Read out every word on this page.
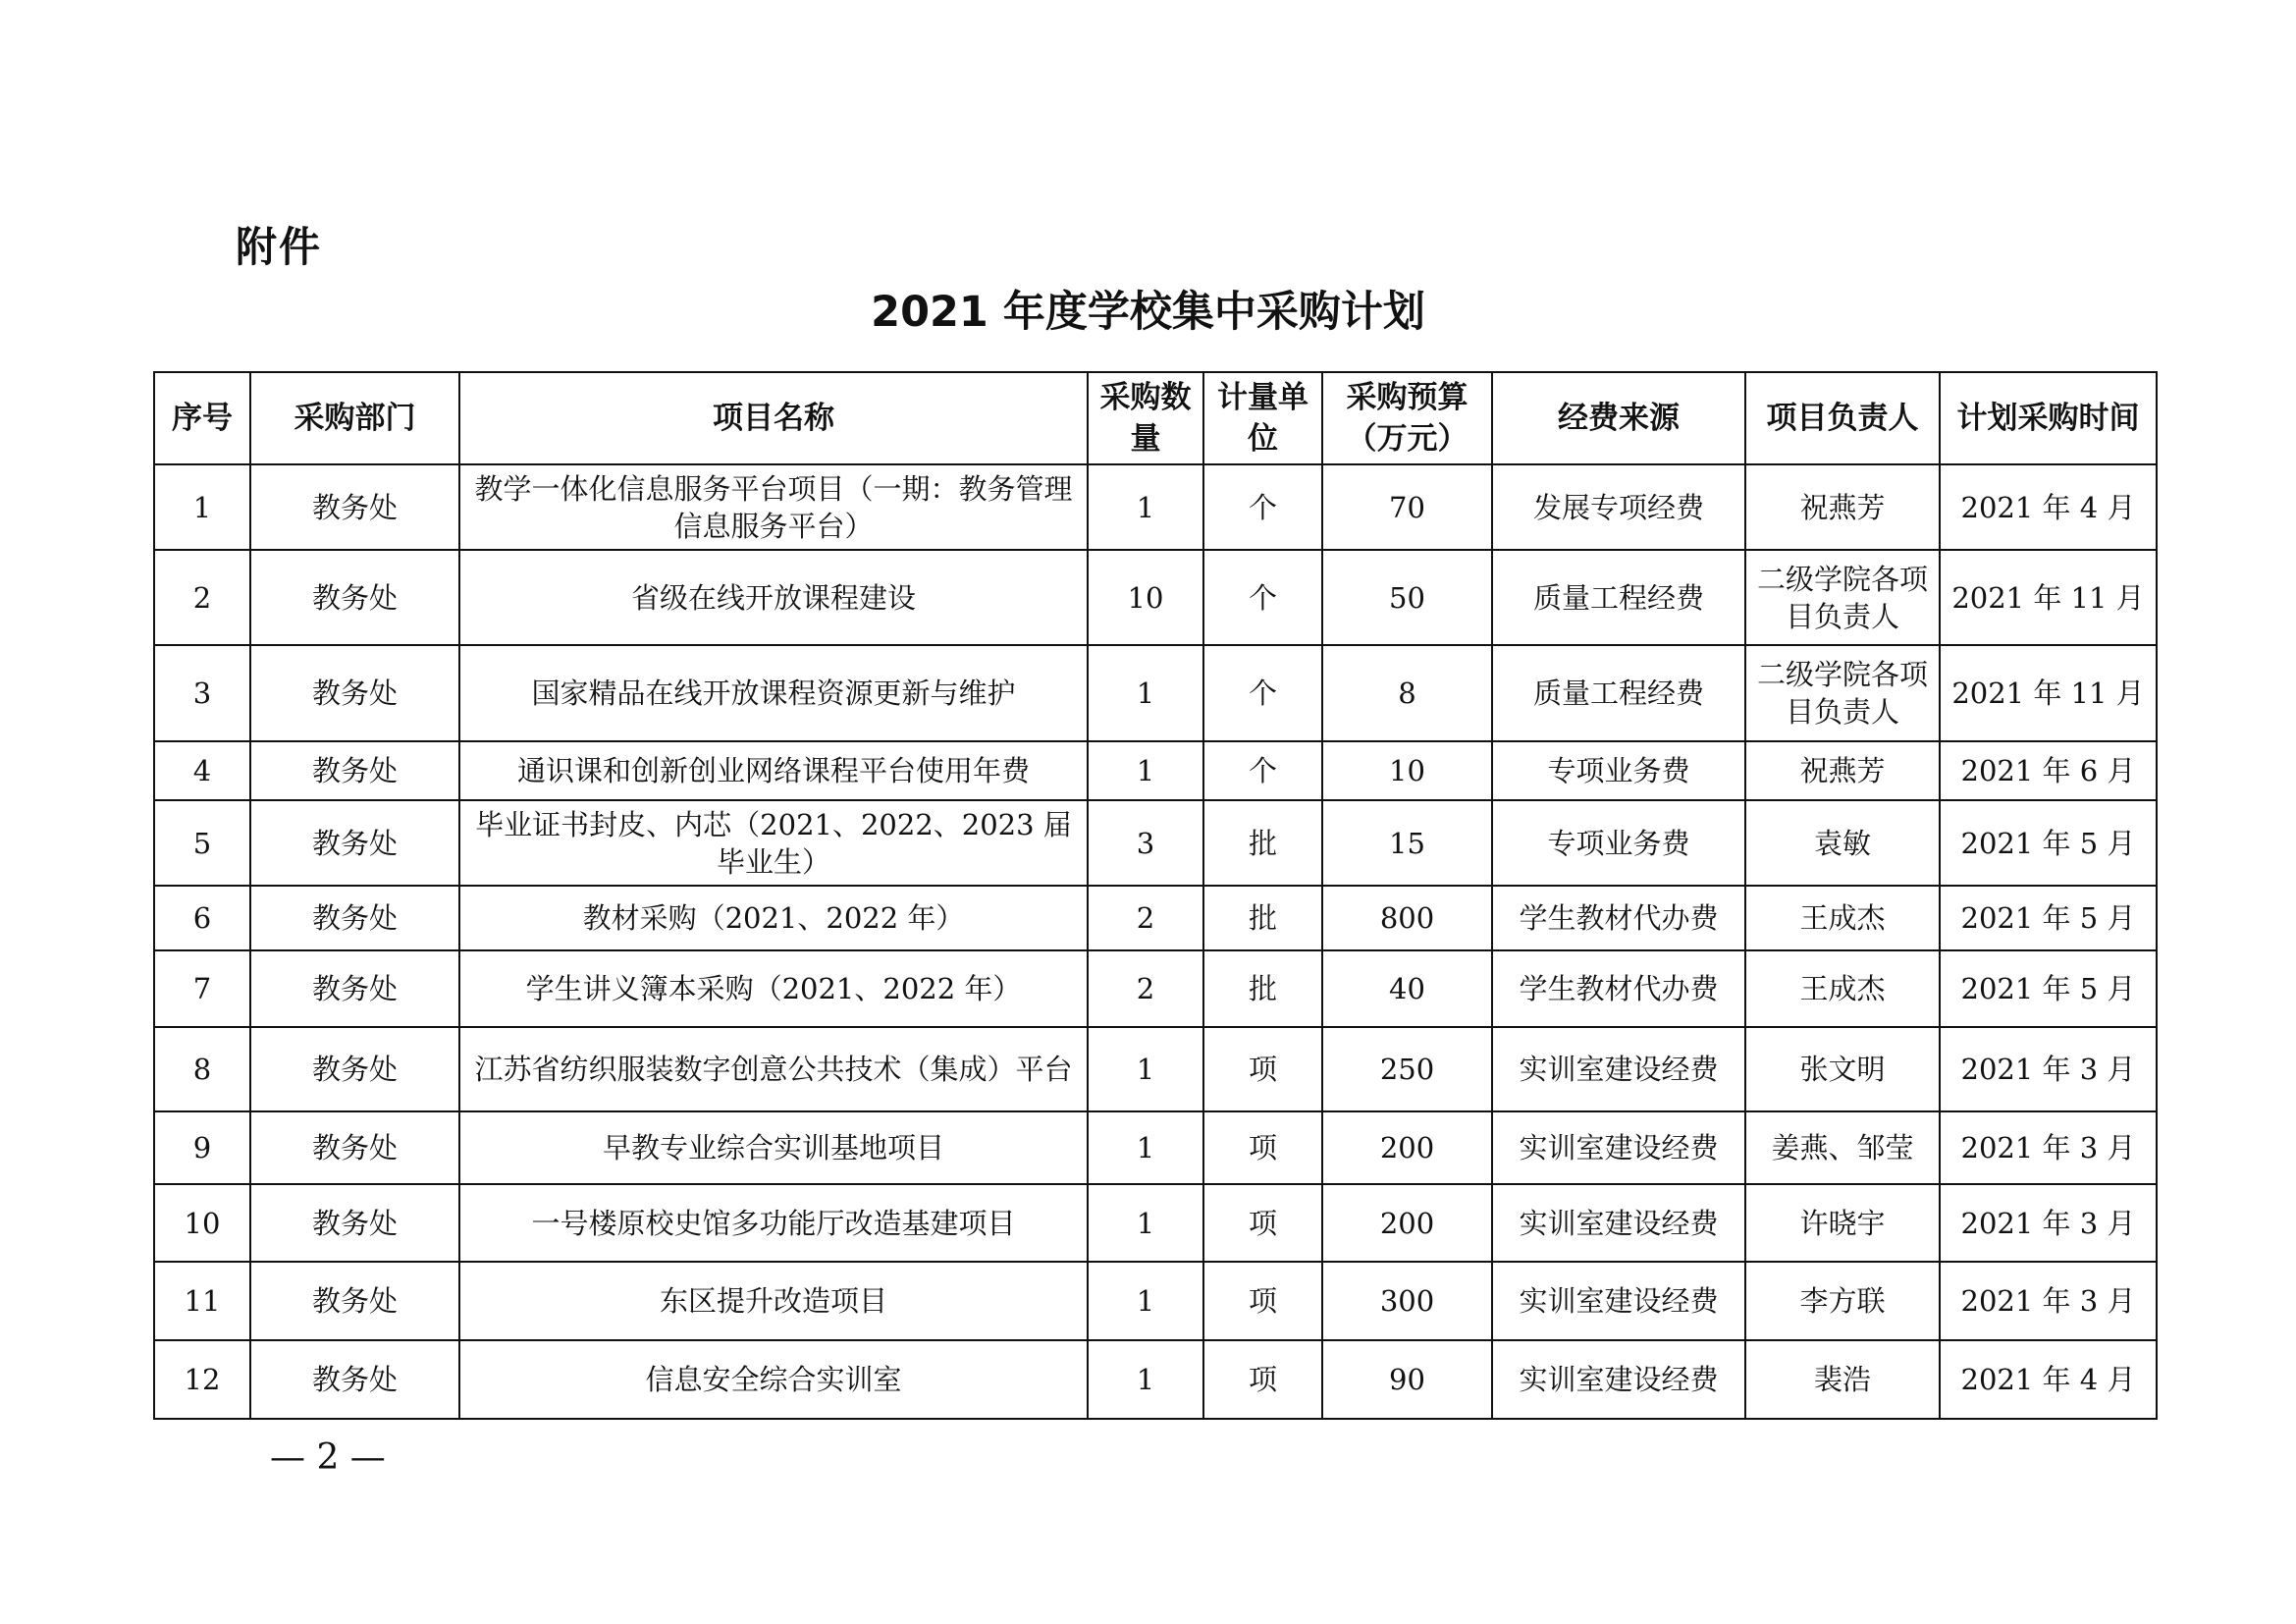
附件
2021 年度学校集中采购计划
序号	采购部门	项目名称	采购数量	计量单位	采购预算（万元）	经费来源	项目负责人	计划采购时间
1	教务处	教学一体化信息服务平台项目（一期：教务管理信息服务平台）	1	个	70	发展专项经费	祝燕芳	2021 年 4 月
2	教务处	省级在线开放课程建设	10	个	50	质量工程经费	二级学院各项目负责人	2021 年 11 月
3	教务处	国家精品在线开放课程资源更新与维护	1	个	8	质量工程经费	二级学院各项目负责人	2021 年 11 月
4	教务处	通识课和创新创业网络课程平台使用年费	1	个	10	专项业务费	祝燕芳	2021 年 6 月
5	教务处	毕业证书封皮、内芯（2021、2022、2023 届毕业生）	3	批	15	专项业务费	袁敏	2021 年 5 月
6	教务处	教材采购（2021、2022 年）	2	批	800	学生教材代办费	王成杰	2021 年 5 月
7	教务处	学生讲义簿本采购（2021、2022 年）	2	批	40	学生教材代办费	王成杰	2021 年 5 月
8	教务处	江苏省纺织服装数字创意公共技术（集成）平台	1	项	250	实训室建设经费	张文明	2021 年 3 月
9	教务处	早教专业综合实训基地项目	1	项	200	实训室建设经费	姜燕、邹莹	2021 年 3 月
10	教务处	一号楼原校史馆多功能厅改造基建项目	1	项	200	实训室建设经费	许晓宇	2021 年 3 月
11	教务处	东区提升改造项目	1	项	300	实训室建设经费	李方联	2021 年 3 月
12	教务处	信息安全综合实训室	1	项	90	实训室建设经费	裴浩	2021 年 4 月
— 2 —
